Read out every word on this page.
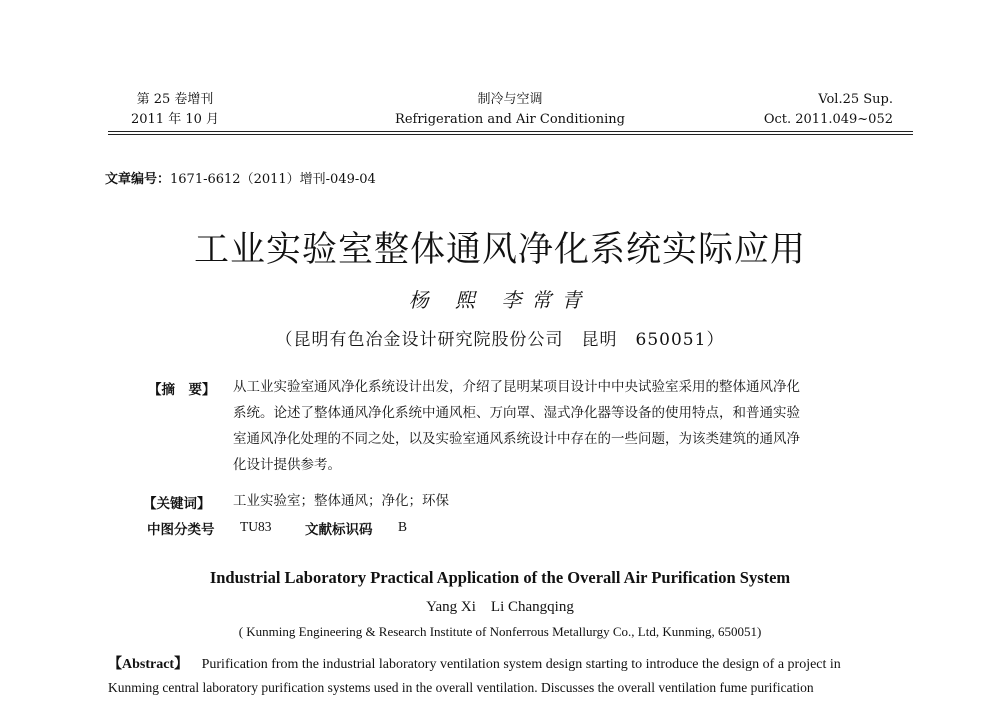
第 25 卷增刊
2011 年 10 月
制冷与空调
Refrigeration and Air Conditioning
Vol.25 Sup.
Oct. 2011.049~052
文章编号：1671-6612（2011）增刊-049-04
工业实验室整体通风净化系统实际应用
杨 熙 李常青
（昆明有色冶金设计研究院股份公司　昆明　650051）
【摘　要】 从工业实验室通风净化系统设计出发，介绍了昆明某项目设计中中央试验室采用的整体通风净化
系统。论述了整体通风净化系统中通风柜、万向罩、湿式净化器等设备的使用特点，和普通实验
室通风净化处理的不同之处，以及实验室通风系统设计中存在的一些问题，为该类建筑的通风净
化设计提供参考。
【关键词】 工业实验室；整体通风；净化；环保
中图分类号 TU83 文献标识码 B
Industrial Laboratory Practical Application of the Overall Air Purification System
Yang Xi　Li Changqing
( Kunming Engineering & Research Institute of Nonferrous Metallurgy Co., Ltd, Kunming, 650051)
【Abstract】 Purification from the industrial laboratory ventilation system design starting to introduce the design of a project in
Kunming central laboratory purification systems used in the overall ventilation. Discusses the overall ventilation fume purification
